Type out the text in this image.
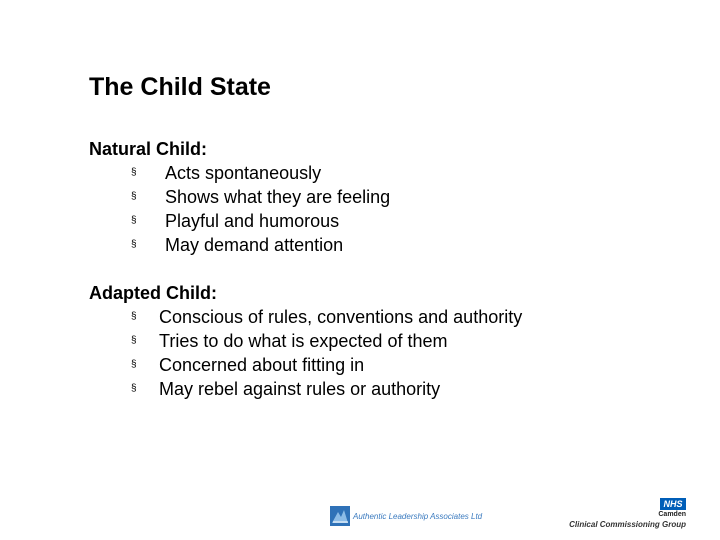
The Child State
Natural Child:
§ Acts spontaneously
§ Shows what they are feeling
§ Playful and humorous
§ May demand attention
Adapted Child:
§ Conscious of rules, conventions and authority
§ Tries to do what is expected of them
§ Concerned about fitting in
§ May rebel against rules or authority
Authentic Leadership Associates Ltd
NHS
Camden
Clinical Commissioning Group
